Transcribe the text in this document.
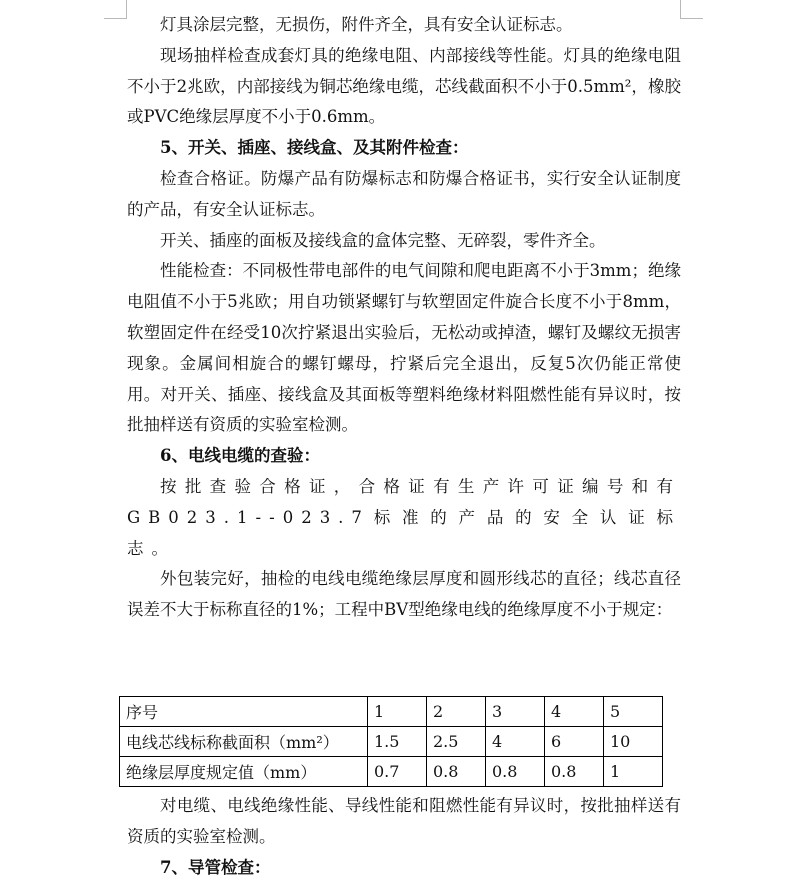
灯具涂层完整，无损伤，附件齐全，具有安全认证标志。

现场抽样检查成套灯具的绝缘电阻、内部接线等性能。灯具的绝缘电阻不小于2兆欧，内部接线为铜芯绝缘电缆，芯线截面积不小于0.5mm²，橡胶或PVC绝缘层厚度不小于0.6mm。

5、开关、插座、接线盒、及其附件检查：

检查合格证。防爆产品有防爆标志和防爆合格证书，实行安全认证制度的产品，有安全认证标志。

开关、插座的面板及接线盒的盒体完整、无碎裂，零件齐全。

性能检查：不同极性带电部件的电气间隙和爬电距离不小于3mm；绝缘电阻值不小于5兆欧；用自功锁紧螺钉与软塑固定件旋合长度不小于8mm，软塑固定件在经受10次拧紧退出实验后，无松动或掉渣，螺钉及螺纹无损害现象。金属间相旋合的螺钉螺母，拧紧后完全退出，反复5次仍能正常使用。对开关、插座、接线盒及其面板等塑料绝缘材料阻燃性能有异议时，按批抽样送有资质的实验室检测。

6、电线电缆的查验：

按批查验合格证，合格证有生产许可证编号和有GB023.1--023.7标准的产品的安全认证标志。

外包装完好，抽检的电线电缆绝缘层厚度和圆形线芯的直径；线芯直径误差不大于标称直径的1%；工程中BV型绝缘电线的绝缘厚度不小于规定：

序号	1	2	3	4	5
电线芯线标称截面积（mm²）	1.5	2.5	4	6	10
绝缘层厚度规定值（mm）	0.7	0.8	0.8	0.8	1

对电缆、电线绝缘性能、导线性能和阻燃性能有异议时，按批抽样送有资质的实验室检测。

7、导管检查：
